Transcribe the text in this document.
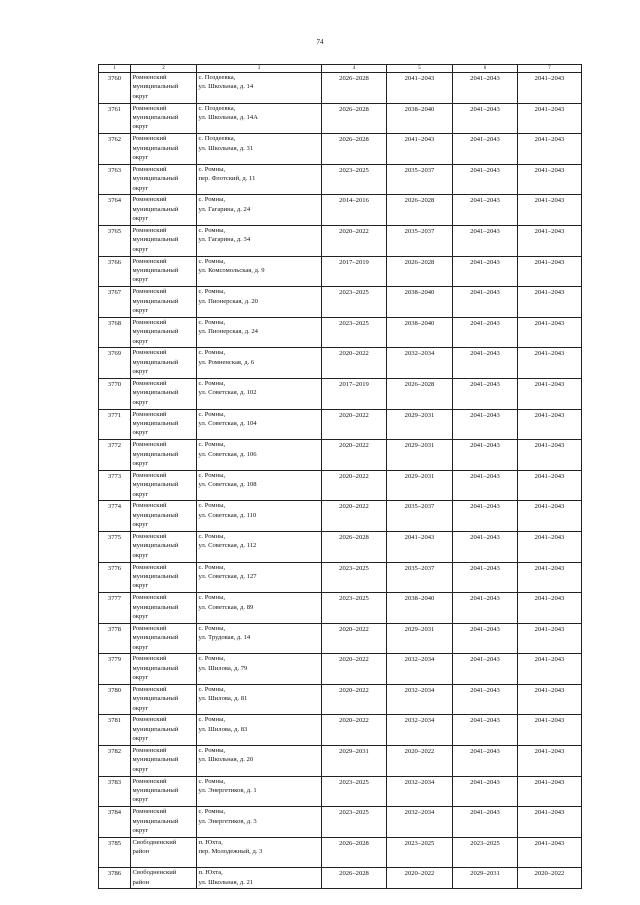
74
1	2	3	4	5	6	7
3760	Ромненский
муниципальный
округ	с. Поздеевка,
ул. Школьная, д. 14	2026–2028	2041–2043	2041–2043	2041–2043
3761	Ромненский
муниципальный
округ	с. Поздеевка,
ул. Школьная, д. 14А	2026–2028	2038–2040	2041–2043	2041–2043
3762	Ромненский
муниципальный
округ	с. Поздеевка,
ул. Школьная, д. 31	2026–2028	2041–2043	2041–2043	2041–2043
3763	Ромненский
муниципальный
округ	с. Ромны,
пер. Флотский, д. 11	2023–2025	2035–2037	2041–2043	2041–2043
3764	Ромненский
муниципальный
округ	с. Ромны,
ул. Гагарина, д. 24	2014–2016	2026–2028	2041–2043	2041–2043
3765	Ромненский
муниципальный
округ	с. Ромны,
ул. Гагарина, д. 34	2020–2022	2035–2037	2041–2043	2041–2043
3766	Ромненский
муниципальный
округ	с. Ромны,
ул. Комсомольская, д. 9	2017–2019	2026–2028	2041–2043	2041–2043
3767	Ромненский
муниципальный
округ	с. Ромны,
ул. Пионерская, д. 20	2023–2025	2038–2040	2041–2043	2041–2043
3768	Ромненский
муниципальный
округ	с. Ромны,
ул. Пионерская, д. 24	2023–2025	2038–2040	2041–2043	2041–2043
3769	Ромненский
муниципальный
округ	с. Ромны,
ул. Ромненская, д. 6	2020–2022	2032–2034	2041–2043	2041–2043
3770	Ромненский
муниципальный
округ	с. Ромны,
ул. Советская, д. 102	2017–2019	2026–2028	2041–2043	2041–2043
3771	Ромненский
муниципальный
округ	с. Ромны,
ул. Советская, д. 104	2020–2022	2029–2031	2041–2043	2041–2043
3772	Ромненский
муниципальный
округ	с. Ромны,
ул. Советская, д. 106	2020–2022	2029–2031	2041–2043	2041–2043
3773	Ромненский
муниципальный
округ	с. Ромны,
ул. Советская, д. 108	2020–2022	2029–2031	2041–2043	2041–2043
3774	Ромненский
муниципальный
округ	с. Ромны,
ул. Советская, д. 110	2020–2022	2035–2037	2041–2043	2041–2043
3775	Ромненский
муниципальный
округ	с. Ромны,
ул. Советская, д. 112	2026–2028	2041–2043	2041–2043	2041–2043
3776	Ромненский
муниципальный
округ	с. Ромны,
ул. Советская, д. 127	2023–2025	2035–2037	2041–2043	2041–2043
3777	Ромненский
муниципальный
округ	с. Ромны,
ул. Советская, д. 89	2023–2025	2038–2040	2041–2043	2041–2043
3778	Ромненский
муниципальный
округ	с. Ромны,
ул. Трудовая, д. 14	2020–2022	2029–2031	2041–2043	2041–2043
3779	Ромненский
муниципальный
округ	с. Ромны,
ул. Шилова, д. 79	2020–2022	2032–2034	2041–2043	2041–2043
3780	Ромненский
муниципальный
округ	с. Ромны,
ул. Шилова, д. 81	2020–2022	2032–2034	2041–2043	2041–2043
3781	Ромненский
муниципальный
округ	с. Ромны,
ул. Шилова, д. 83	2020–2022	2032–2034	2041–2043	2041–2043
3782	Ромненский
муниципальный
округ	с. Ромны,
ул. Школьная, д. 20	2029–2031	2020–2022	2041–2043	2041–2043
3783	Ромненский
муниципальный
округ	с. Ромны,
ул. Энергетиков, д. 1	2023–2025	2032–2034	2041–2043	2041–2043
3784	Ромненский
муниципальный
округ	с. Ромны,
ул. Энергетиков, д. 3	2023–2025	2032–2034	2041–2043	2041–2043
3785	Свободненский
район	п. Юхта,
пер. Молодежный, д. 3	2026–2028	2023–2025	2023–2025	2041–2043
3786	Свободненский
район	п. Юхта,
ул. Школьная, д. 21	2026–2028	2020–2022	2029–2031	2020–2022
